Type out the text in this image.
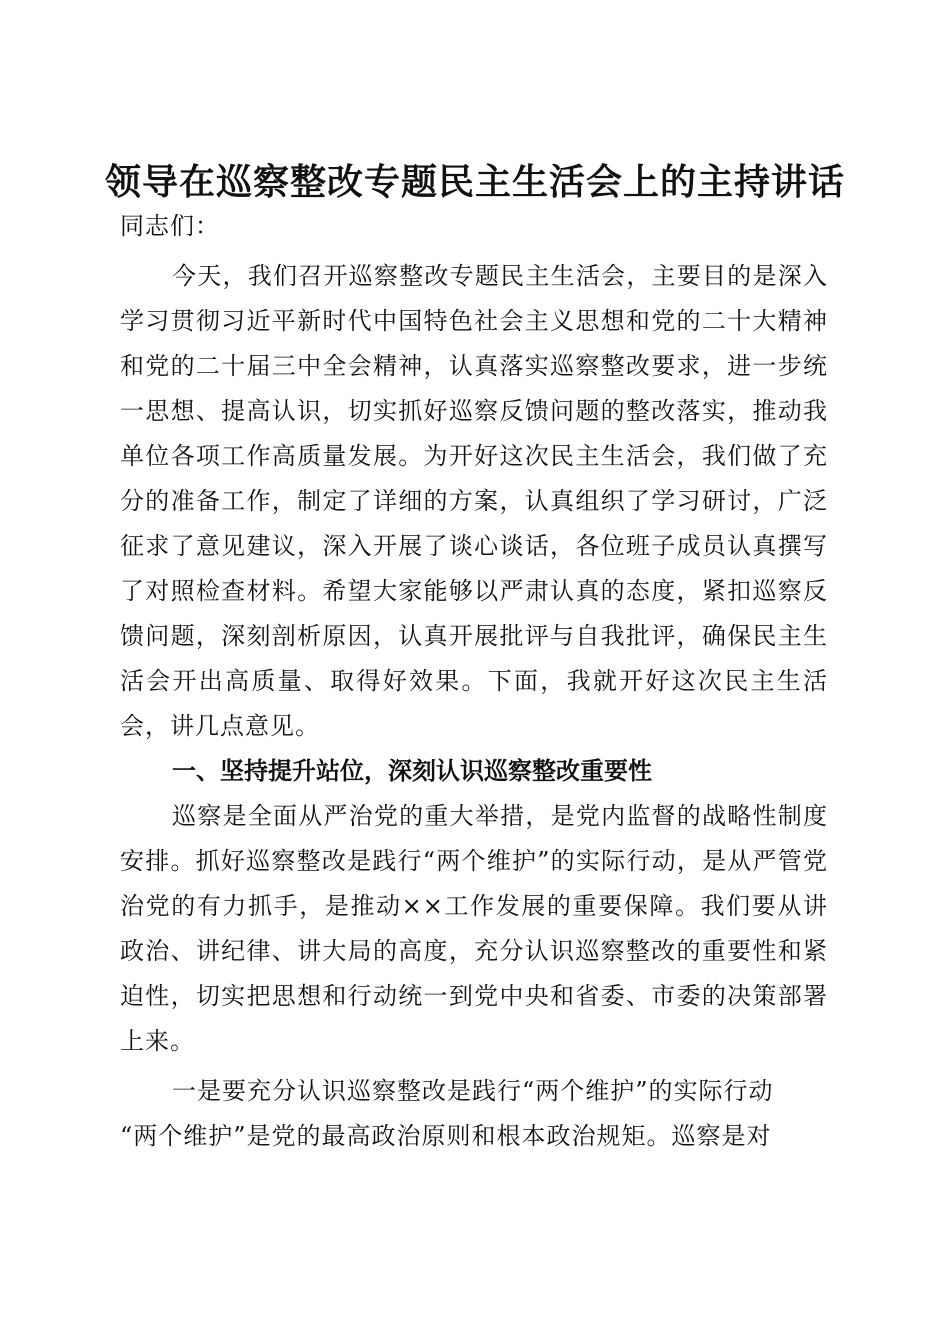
领导在巡察整改专题民主生活会上的主持讲话

同志们：

今天，我们召开巡察整改专题民主生活会，主要目的是深入学习贯彻习近平新时代中国特色社会主义思想和党的二十大精神和党的二十届三中全会精神，认真落实巡察整改要求，进一步统一思想、提高认识，切实抓好巡察反馈问题的整改落实，推动我单位各项工作高质量发展。为开好这次民主生活会，我们做了充分的准备工作，制定了详细的方案，认真组织了学习研讨，广泛征求了意见建议，深入开展了谈心谈话，各位班子成员认真撰写了对照检查材料。希望大家能够以严肃认真的态度，紧扣巡察反馈问题，深刻剖析原因，认真开展批评与自我批评，确保民主生活会开出高质量、取得好效果。下面，我就开好这次民主生活会，讲几点意见。

一、坚持提升站位，深刻认识巡察整改重要性

巡察是全面从严治党的重大举措，是党内监督的战略性制度安排。抓好巡察整改是践行“两个维护”的实际行动，是从严管党治党的有力抓手，是推动××工作发展的重要保障。我们要从讲政治、讲纪律、讲大局的高度，充分认识巡察整改的重要性和紧迫性，切实把思想和行动统一到党中央和省委、市委的决策部署上来。

一是要充分认识巡察整改是践行“两个维护”的实际行动

“两个维护”是党的最高政治原则和根本政治规矩。巡察是对
